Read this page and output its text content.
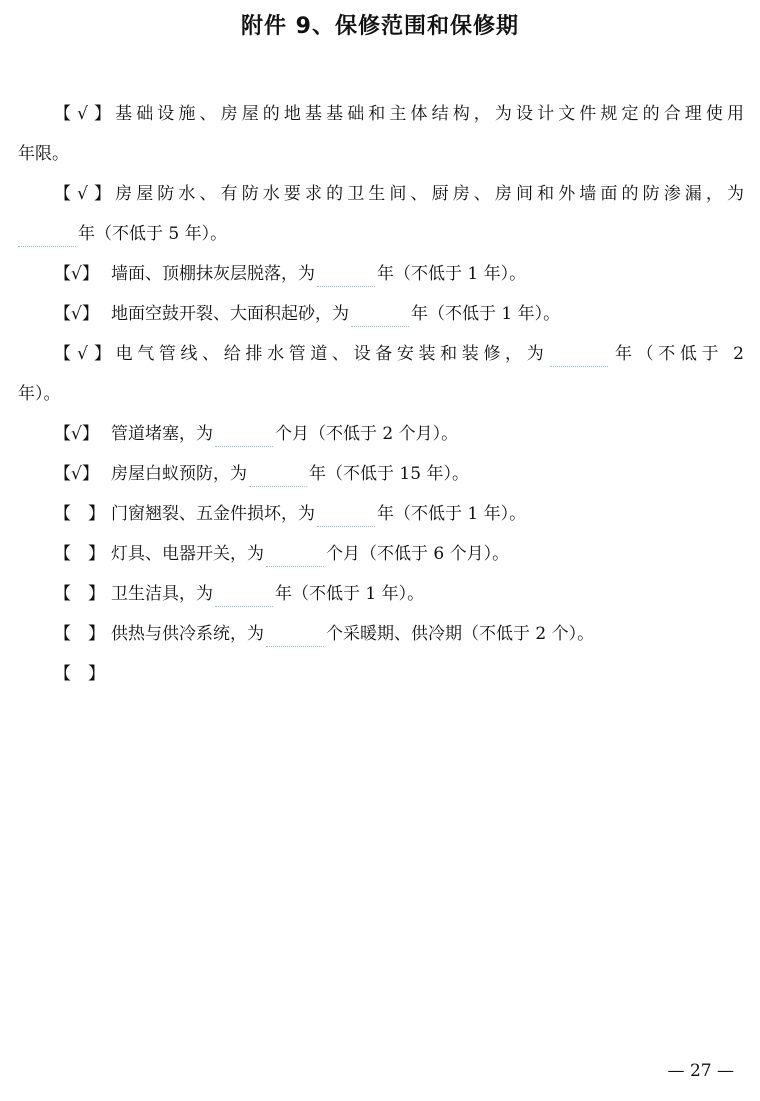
附件 9、保修范围和保修期
【√】基础设施、房屋的地基基础和主体结构，为设计文件规定的合理使用
年限。
【√】房屋防水、有防水要求的卫生间、厨房、房间和外墙面的防渗漏，为
年（不低于 5 年）。
【√】 墙面、顶棚抹灰层脱落，为	年（不低于 1 年）。
【√】 地面空鼓开裂、大面积起砂，为	年（不低于 1 年）。
【√】电气管线、给排水管道、设备安装和装修，为	年（不低于 2
年）。
【√】 管道堵塞，为	个月（不低于 2 个月）。
【√】 房屋白蚁预防，为	年（不低于 15 年）。
【　】 门窗翘裂、五金件损坏，为	年（不低于 1 年）。
【　】 灯具、电器开关，为	个月（不低于 6 个月）。
【　】 卫生洁具，为	年（不低于 1 年）。
【　】 供热与供冷系统，为	个采暖期、供冷期（不低于 2 个）。
【　】
— 27 —
